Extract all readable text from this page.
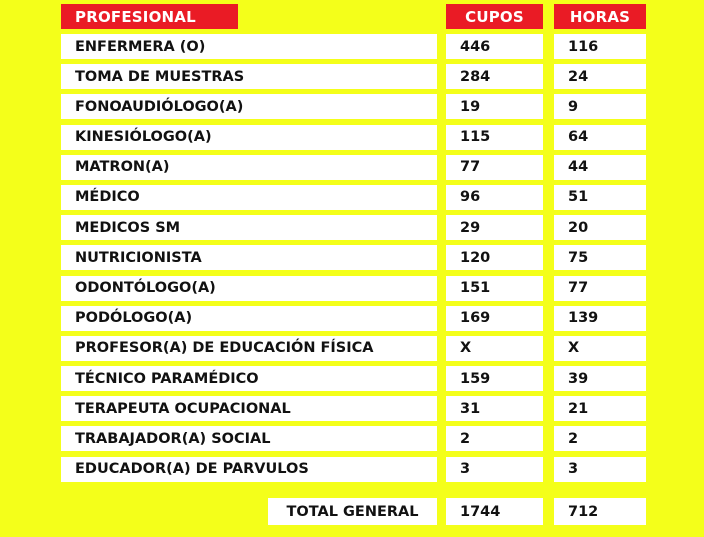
PROFESIONAL	CUPOS	HORAS
ENFERMERA (O)	446	116
TOMA DE MUESTRAS	284	24
FONOAUDIÓLOGO(A)	19	9
KINESIÓLOGO(A)	115	64
MATRON(A)	77	44
MÉDICO	96	51
MEDICOS SM	29	20
NUTRICIONISTA	120	75
ODONTÓLOGO(A)	151	77
PODÓLOGO(A)	169	139
PROFESOR(A) DE EDUCACIÓN FÍSICA	X	X
TÉCNICO PARAMÉDICO	159	39
TERAPEUTA OCUPACIONAL	31	21
TRABAJADOR(A) SOCIAL	2	2
EDUCADOR(A) DE PARVULOS	3	3
TOTAL GENERAL	1744	712
